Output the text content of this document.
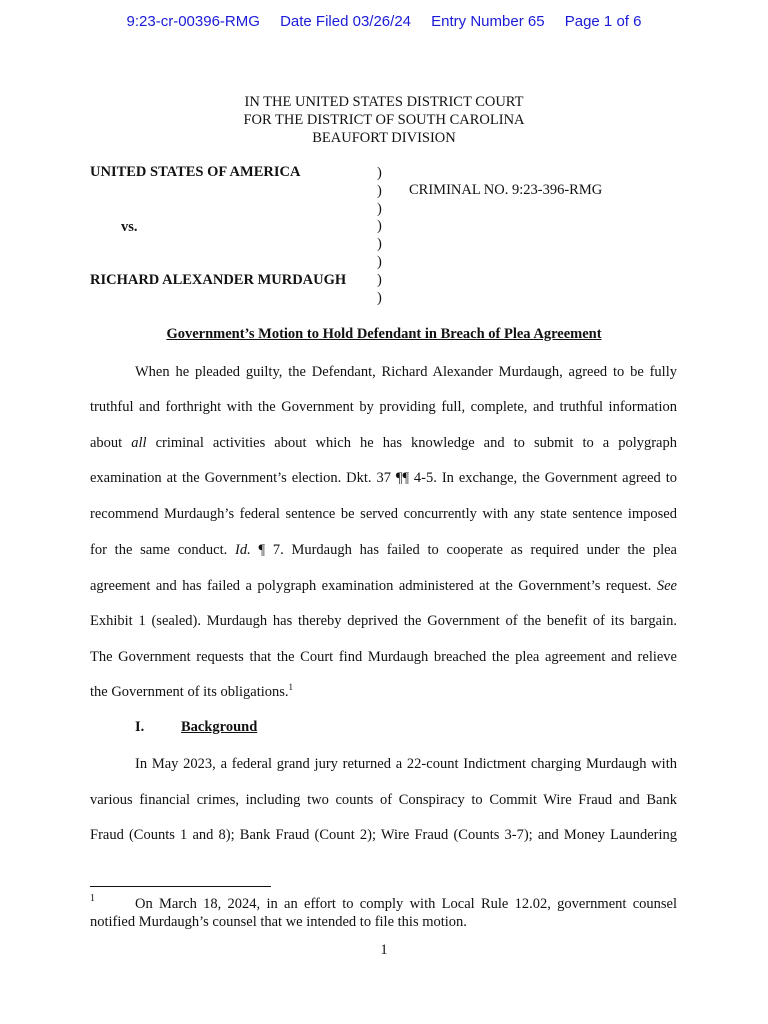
9:23-cr-00396-RMG Date Filed 03/26/24 Entry Number 65 Page 1 of 6
IN THE UNITED STATES DISTRICT COURT
FOR THE DISTRICT OF SOUTH CAROLINA
BEAUFORT DIVISION
UNITED STATES OF AMERICA
vs.
RICHARD ALEXANDER MURDAUGH
)
)
)
)
)
)
)
)
CRIMINAL NO. 9:23-396-RMG
Government’s Motion to Hold Defendant in Breach of Plea Agreement
When he pleaded guilty, the Defendant, Richard Alexander Murdaugh, agreed to be fully
truthful and forthright with the Government by providing full, complete, and truthful information
about all criminal activities about which he has knowledge and to submit to a polygraph
examination at the Government’s election. Dkt. 37 ¶¶ 4-5. In exchange, the Government agreed to
recommend Murdaugh’s federal sentence be served concurrently with any state sentence imposed
for the same conduct. Id. ¶ 7. Murdaugh has failed to cooperate as required under the plea
agreement and has failed a polygraph examination administered at the Government’s request. See
Exhibit 1 (sealed). Murdaugh has thereby deprived the Government of the benefit of its bargain.
The Government requests that the Court find Murdaugh breached the plea agreement and relieve
the Government of its obligations.$^1$
I.	Background
In May 2023, a federal grand jury returned a 22-count Indictment charging Murdaugh with
various financial crimes, including two counts of Conspiracy to Commit Wire Fraud and Bank
Fraud (Counts 1 and 8); Bank Fraud (Count 2); Wire Fraud (Counts 3-7); and Money Laundering
1	On March 18, 2024, in an effort to comply with Local Rule 12.02, government counsel
notified Murdaugh’s counsel that we intended to file this motion.
1
